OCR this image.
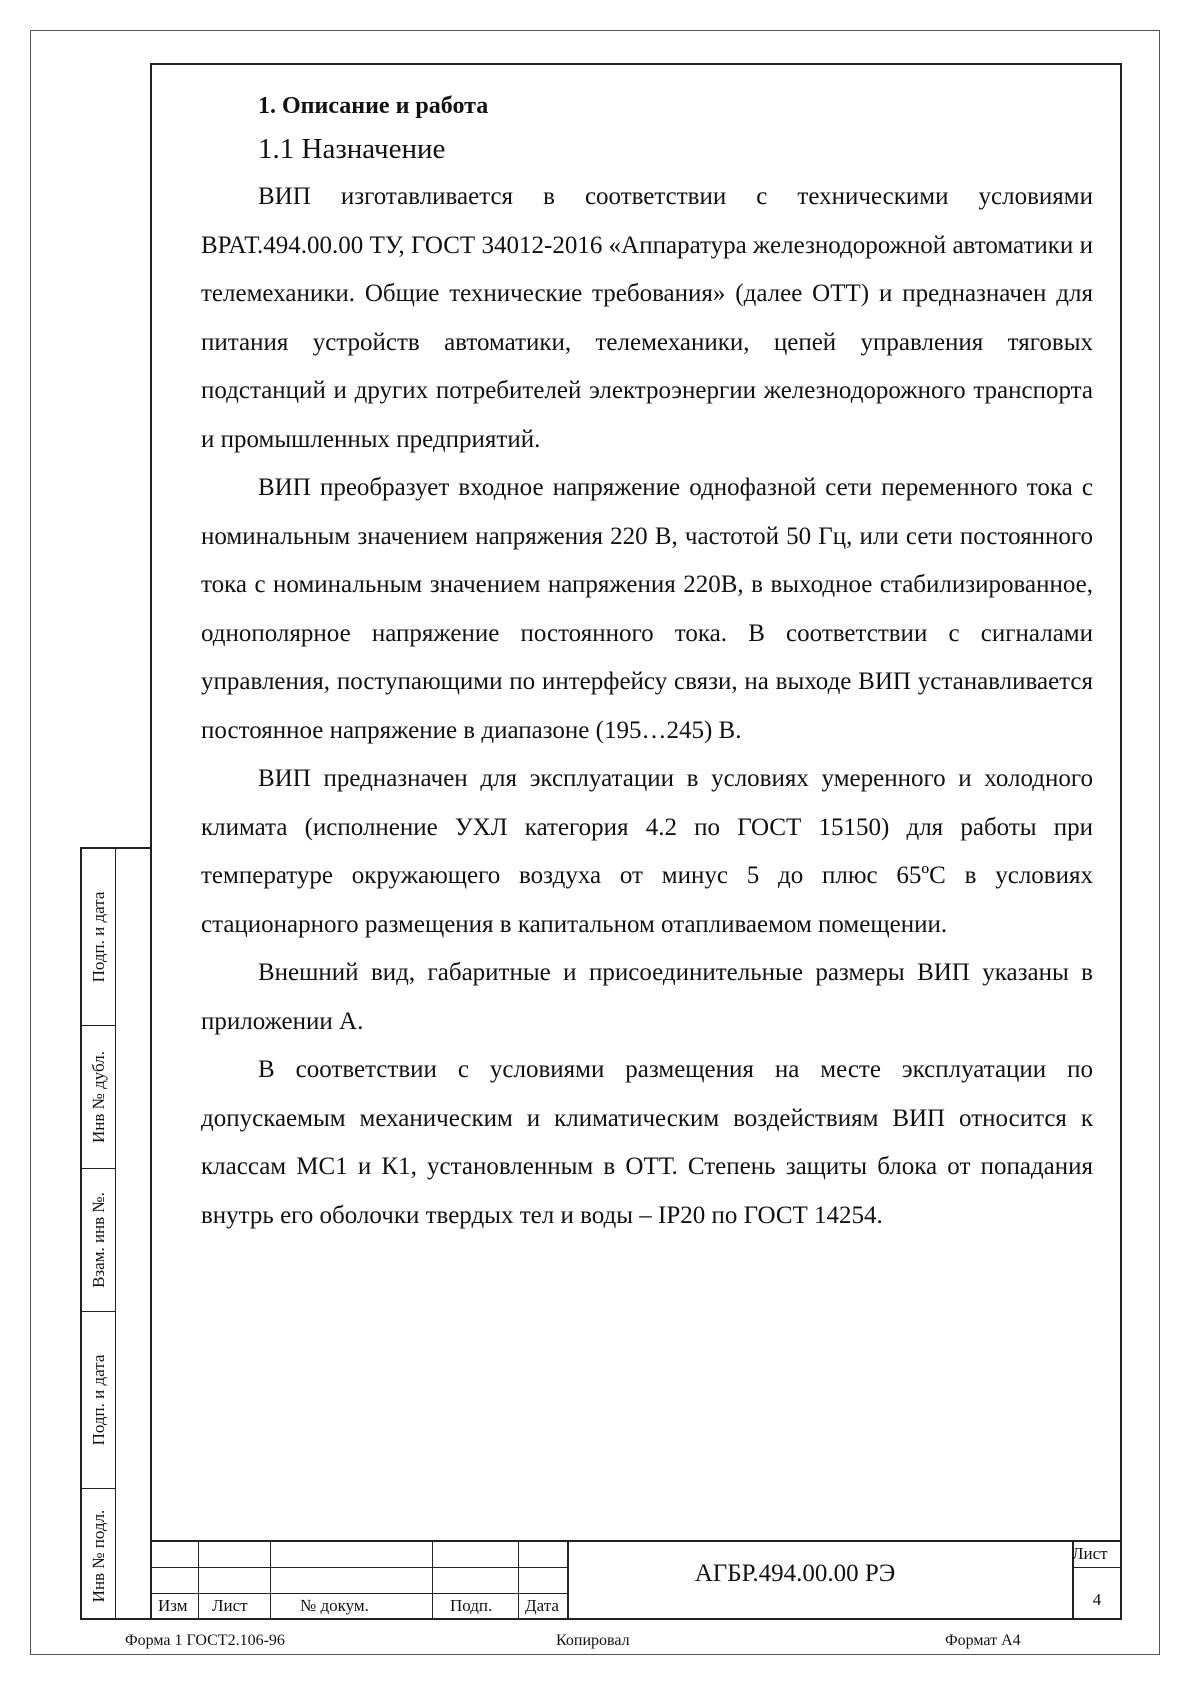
1. Описание и работа

1.1 Назначение

ВИП изготавливается в соответствии с техническими условиями ВРАТ.494.00.00 ТУ, ГОСТ 34012-2016 «Аппаратура железнодорожной автоматики и телемеханики. Общие технические требования» (далее ОТТ) и предназначен для питания устройств автоматики, телемеханики, цепей управления тяговых подстанций и других потребителей электроэнергии железнодорожного транспорта и промышленных предприятий.

ВИП преобразует входное напряжение однофазной сети переменного тока с номинальным значением напряжения 220 В, частотой 50 Гц, или сети постоянного тока с номинальным значением напряжения 220В, в выходное стабилизированное, однополярное напряжение постоянного тока. В соответствии с сигналами управления, поступающими по интерфейсу связи, на выходе ВИП устанавливается постоянное напряжение в диапазоне (195…245) В.

ВИП предназначен для эксплуатации в условиях умеренного и холодного климата (исполнение УХЛ категория 4.2 по ГОСТ 15150) для работы при температуре окружающего воздуха от минус 5 до плюс 65ºС в условиях стационарного размещения в капитальном отапливаемом помещении.

Внешний вид, габаритные и присоединительные размеры ВИП указаны в приложении А.

В соответствии с условиями размещения на месте эксплуатации по допускаемым механическим и климатическим воздействиям ВИП относится к классам МС1 и К1, установленным в ОТТ. Степень защиты блока от попадания внутрь его оболочки твердых тел и воды – IP20 по ГОСТ 14254.

Подп. и дата
Инв № дубл.
Взам. инв №.
Подп. и дата
Инв № подл.
Изм Лист	№ докум.	Подп. Дата
АГБР.494.00.00 РЭ
Лист
4
Форма 1 ГОСТ2.106-96	Копировал	Формат А4
